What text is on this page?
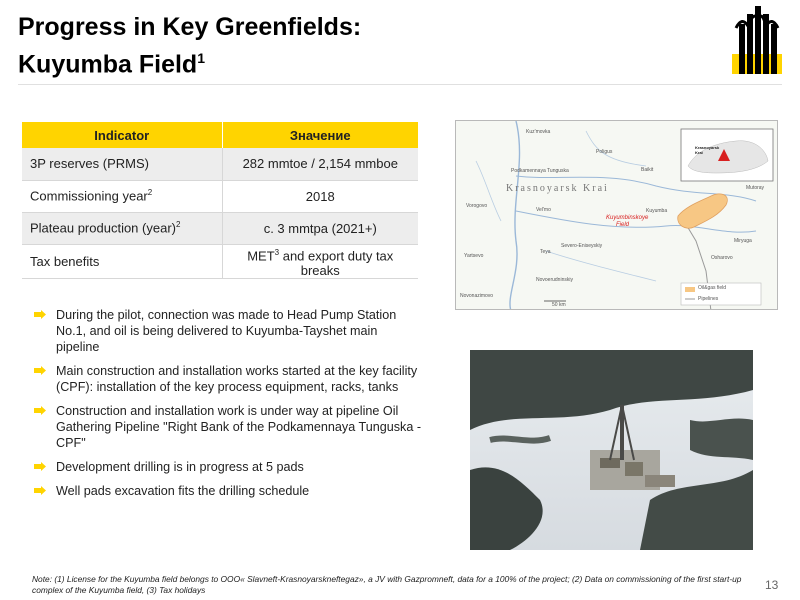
Progress in Key Greenfields:
Kuyumba Field$^1$
Indicator	Значение
3P reserves (PRMS)	282 mmtoe / 2,154 mmboe
Commissioning year$^2$	2018
Plateau production (year)$^2$	c. 3 mmtpa (2021+)
Tax benefits	MET$^3$ and export duty tax breaks
Krasnoyarsk Krai
Kuyumbinskoye
Field
Krasnoyarsk
Krai
Kuz'movka
Poligus
Baikit
Podkamennaya Tunguska
Vorogovo
Vel'mo	Kuyumba
Mutoray
Miryuga
Osharovo
Teya
Severo-Eniseyskiy
Yartsevo
Novoerudninskiy
Novonazimovo
Oil&gas field
Pipelines
50 km
During the pilot, connection was made to Head Pump Station No.1, and oil is being delivered to Kuyumba-Tayshet main pipeline
Main construction and installation works started at the key facility (CPF): installation of the key process equipment, racks, tanks
Construction and installation work is under way at pipeline Oil Gathering Pipeline "Right Bank of the Podkamennaya Tunguska - CPF"
Development drilling is in progress at 5 pads
Well pads excavation fits the drilling schedule
Note: (1) License for the Kuyumba field belongs to OOO« Slavneft-Krasnoyarskneftegaz», a JV with Gazpromneft, data for a 100% of the project; (2) Data on commissioning of the first start-up complex of the Kuyumba field, (3) Tax holidays	13
